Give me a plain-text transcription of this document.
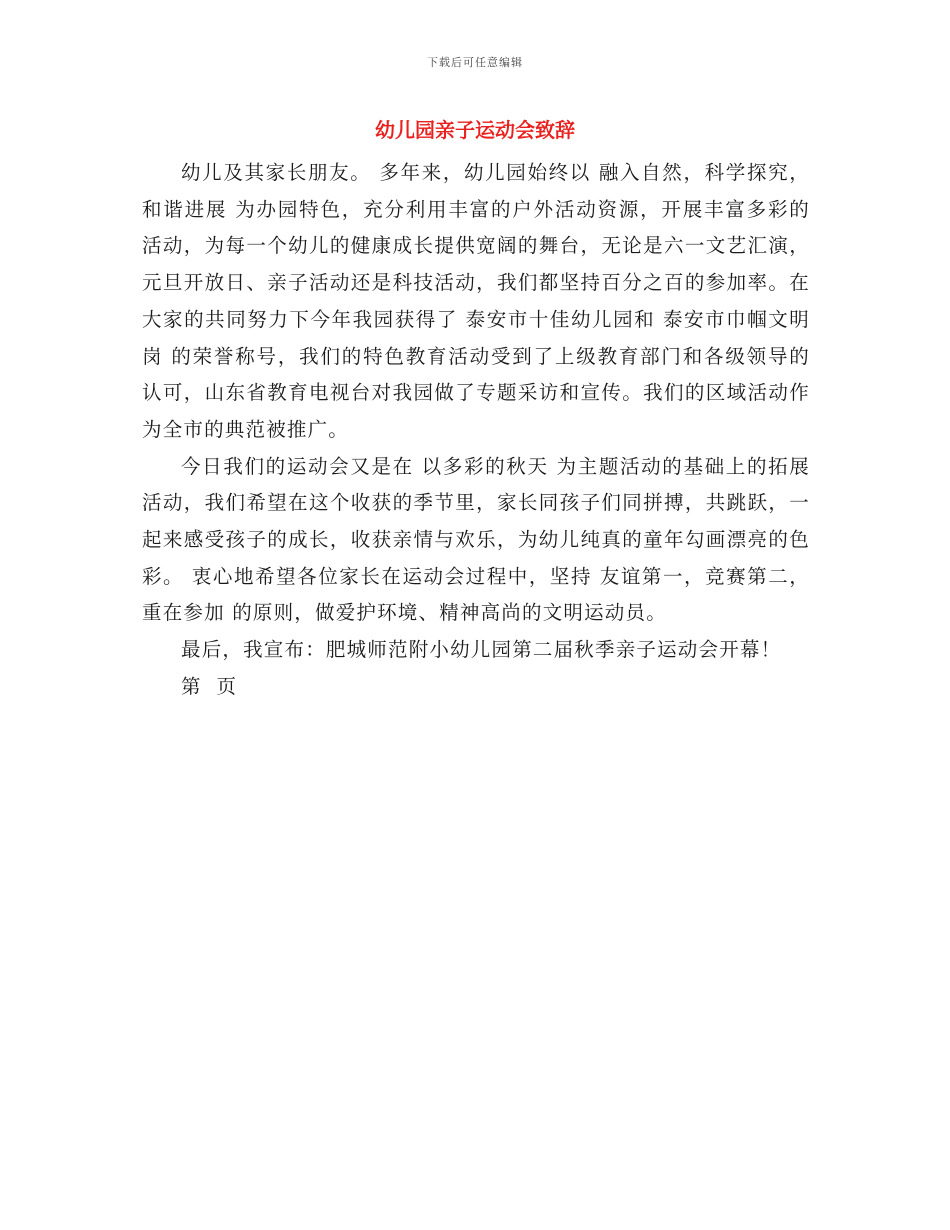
下载后可任意编辑
幼儿园亲子运动会致辞

幼儿及其家长朋友。 多年来，幼儿园始终以 融入自然，科学探究，和谐进展 为办园特色，充分利用丰富的户外活动资源，开展丰富多彩的活动，为每一个幼儿的健康成长提供宽阔的舞台，无论是六一文艺汇演，元旦开放日、亲子活动还是科技活动，我们都坚持百分之百的参加率。在大家的共同努力下今年我园获得了 泰安市十佳幼儿园和 泰安市巾帼文明岗 的荣誉称号，我们的特色教育活动受到了上级教育部门和各级领导的认可，山东省教育电视台对我园做了专题采访和宣传。我们的区域活动作为全市的典范被推广。

今日我们的运动会又是在 以多彩的秋天 为主题活动的基础上的拓展活动，我们希望在这个收获的季节里，家长同孩子们同拼搏，共跳跃，一起来感受孩子的成长，收获亲情与欢乐，为幼儿纯真的童年勾画漂亮的色彩。 衷心地希望各位家长在运动会过程中，坚持 友谊第一，竞赛第二，重在参加 的原则，做爱护环境、精神高尚的文明运动员。

最后，我宣布：肥城师范附小幼儿园第二届秋季亲子运动会开幕！

第  页
